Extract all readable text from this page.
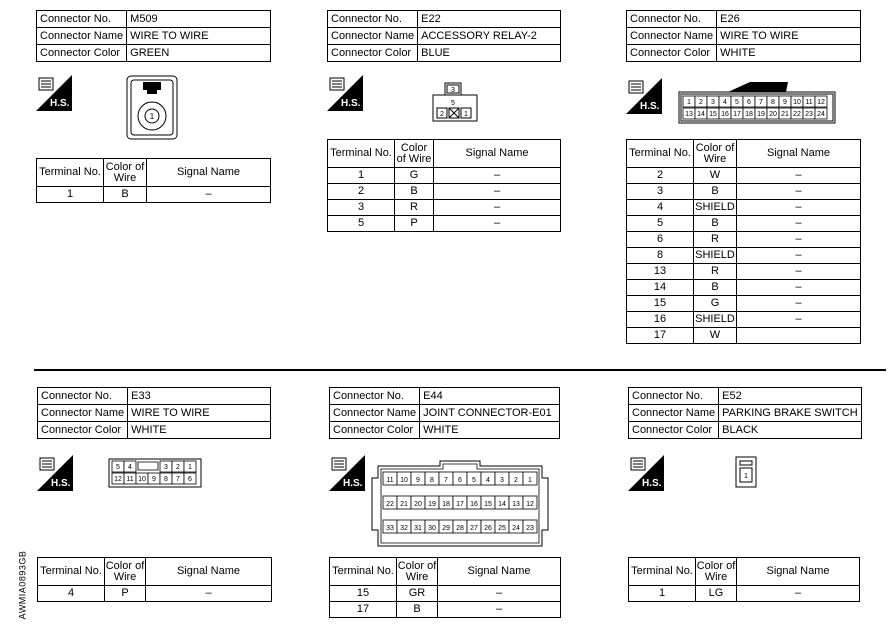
Connector No.	M509
Connector Name	WIRE TO WIRE
Connector Color	GREEN
H.S.
1
Terminal No.	Color of Wire	Signal Name
1	B	–
Connector No.	E22
Connector Name	ACCESSORY RELAY-2
Connector Color	BLUE
H.S.
3
5
2	1
Terminal No.	Color of Wire	Signal Name
1	G	–
2	B	–
3	R	–
5	P	–
Connector No.	E26
Connector Name	WIRE TO WIRE
Connector Color	WHITE
H.S.	1 2 3 4 5 6 7 8 9 10 11 12
13 14 15 16 17 18 19 20 21 22 23 24
Terminal No.	Color of Wire	Signal Name
2	W	–
3	B	–
4	SHIELD	–
5	B	–
6	R	–
8	SHIELD	–
13	R	–
14	B	–
15	G	–
16	SHIELD	–
17	W	
Connector No.	E33
Connector Name	WIRE TO WIRE
Connector Color	WHITE
H.S.
5 4	3 2 1
12 11 10 9 8 7 6
Terminal No.	Color of Wire	Signal Name
4	P	–
Connector No.	E44
Connector Name	JOINT CONNECTOR-E01
Connector Color	WHITE
H.S.	11 10 9 8 7 6 5 4 3 2 1
22 21 20 19 18 17 16 15 14 13 12
33 32 31 30 29 28 27 26 25 24 23
Terminal No.	Color of Wire	Signal Name
15	GR	–
17	B	–
Connector No.	E52
Connector Name	PARKING BRAKE SWITCH
Connector Color	BLACK
H.S.
1
Terminal No.	Color of Wire	Signal Name
1	LG	–
AWMIA0893GB
